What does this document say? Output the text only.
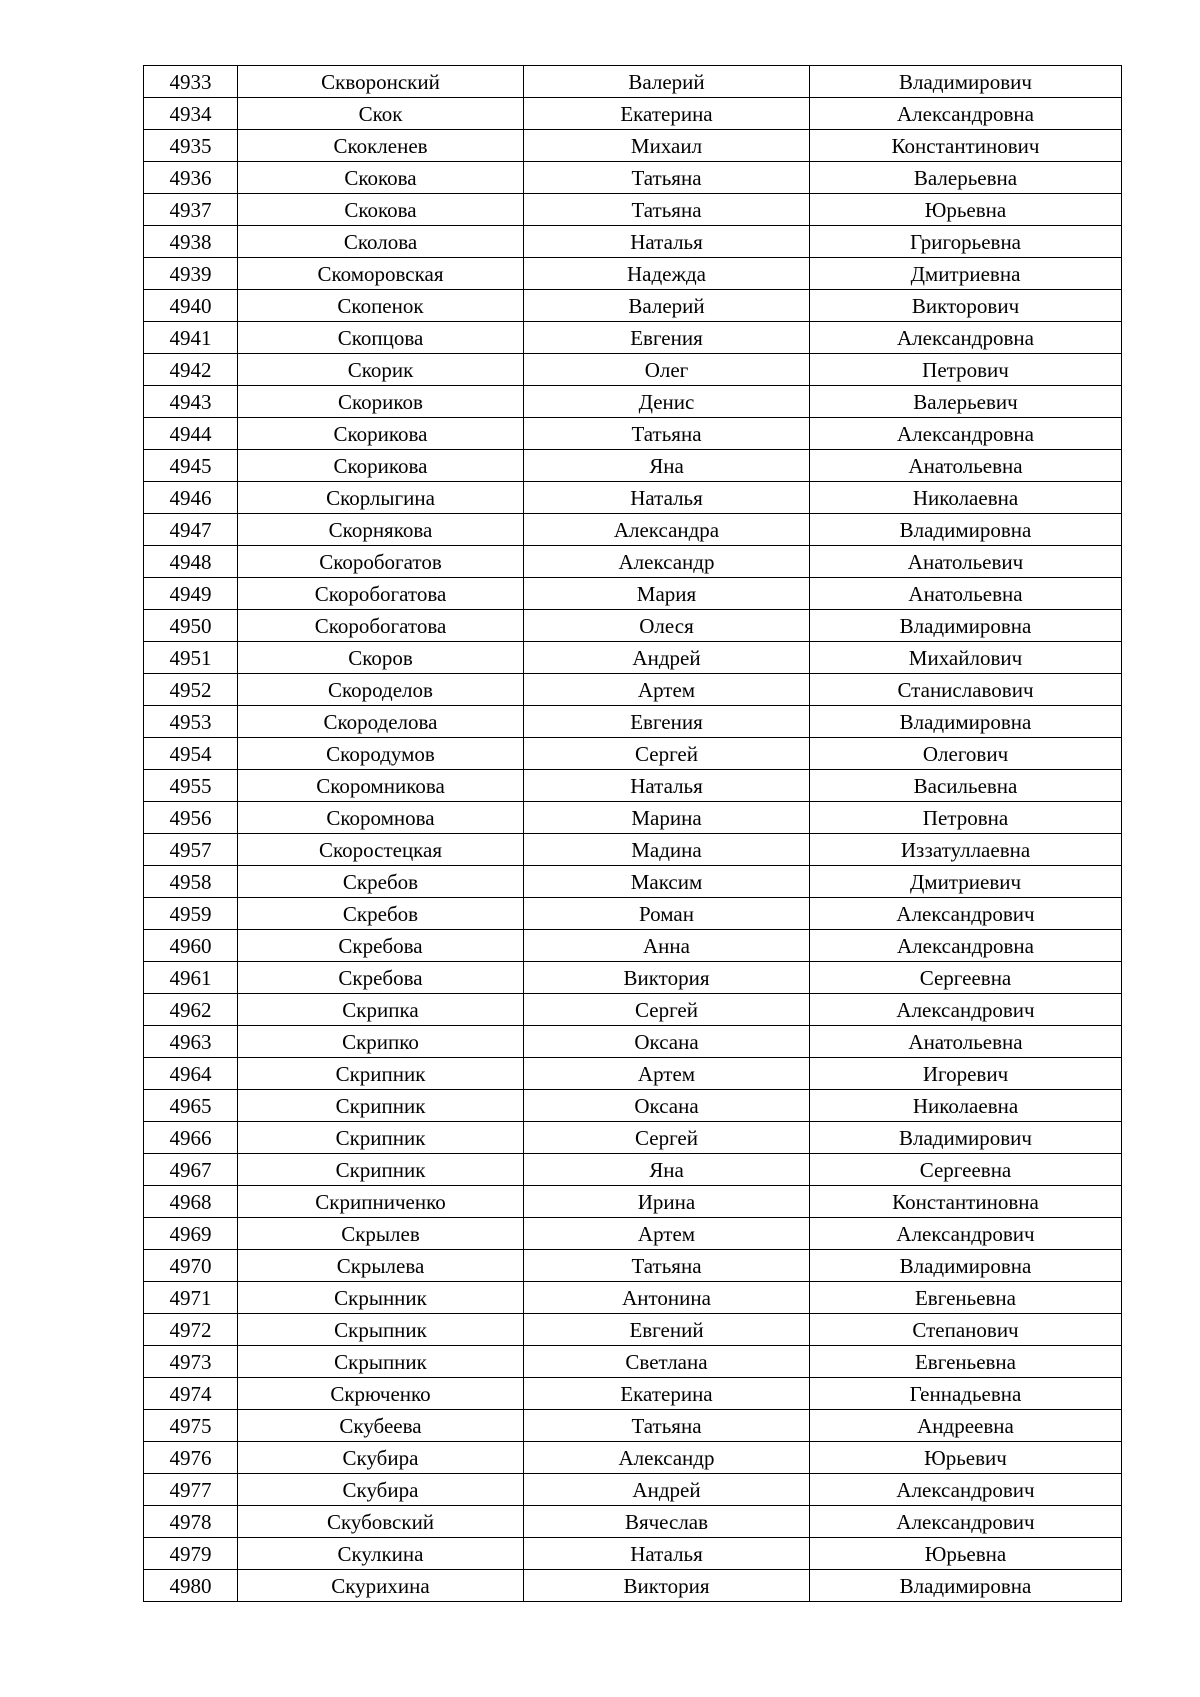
4933	Скворонский	Валерий	Владимирович
4934	Скок	Екатерина	Александровна
4935	Скокленев	Михаил	Константинович
4936	Скокова	Татьяна	Валерьевна
4937	Скокова	Татьяна	Юрьевна
4938	Сколова	Наталья	Григорьевна
4939	Скоморовская	Надежда	Дмитриевна
4940	Скопенок	Валерий	Викторович
4941	Скопцова	Евгения	Александровна
4942	Скорик	Олег	Петрович
4943	Скориков	Денис	Валерьевич
4944	Скорикова	Татьяна	Александровна
4945	Скорикова	Яна	Анатольевна
4946	Скорлыгина	Наталья	Николаевна
4947	Скорнякова	Александра	Владимировна
4948	Скоробогатов	Александр	Анатольевич
4949	Скоробогатова	Мария	Анатольевна
4950	Скоробогатова	Олеся	Владимировна
4951	Скоров	Андрей	Михайлович
4952	Скороделов	Артем	Станиславович
4953	Скороделова	Евгения	Владимировна
4954	Скородумов	Сергей	Олегович
4955	Скоромникова	Наталья	Васильевна
4956	Скоромнова	Марина	Петровна
4957	Скоростецкая	Мадина	Иззатуллаевна
4958	Скребов	Максим	Дмитриевич
4959	Скребов	Роман	Александрович
4960	Скребова	Анна	Александровна
4961	Скребова	Виктория	Сергеевна
4962	Скрипка	Сергей	Александрович
4963	Скрипко	Оксана	Анатольевна
4964	Скрипник	Артем	Игоревич
4965	Скрипник	Оксана	Николаевна
4966	Скрипник	Сергей	Владимирович
4967	Скрипник	Яна	Сергеевна
4968	Скрипниченко	Ирина	Константиновна
4969	Скрылев	Артем	Александрович
4970	Скрылева	Татьяна	Владимировна
4971	Скрынник	Антонина	Евгеньевна
4972	Скрыпник	Евгений	Степанович
4973	Скрыпник	Светлана	Евгеньевна
4974	Скрюченко	Екатерина	Геннадьевна
4975	Скубеева	Татьяна	Андреевна
4976	Скубира	Александр	Юрьевич
4977	Скубира	Андрей	Александрович
4978	Скубовский	Вячеслав	Александрович
4979	Скулкина	Наталья	Юрьевна
4980	Скурихина	Виктория	Владимировна
